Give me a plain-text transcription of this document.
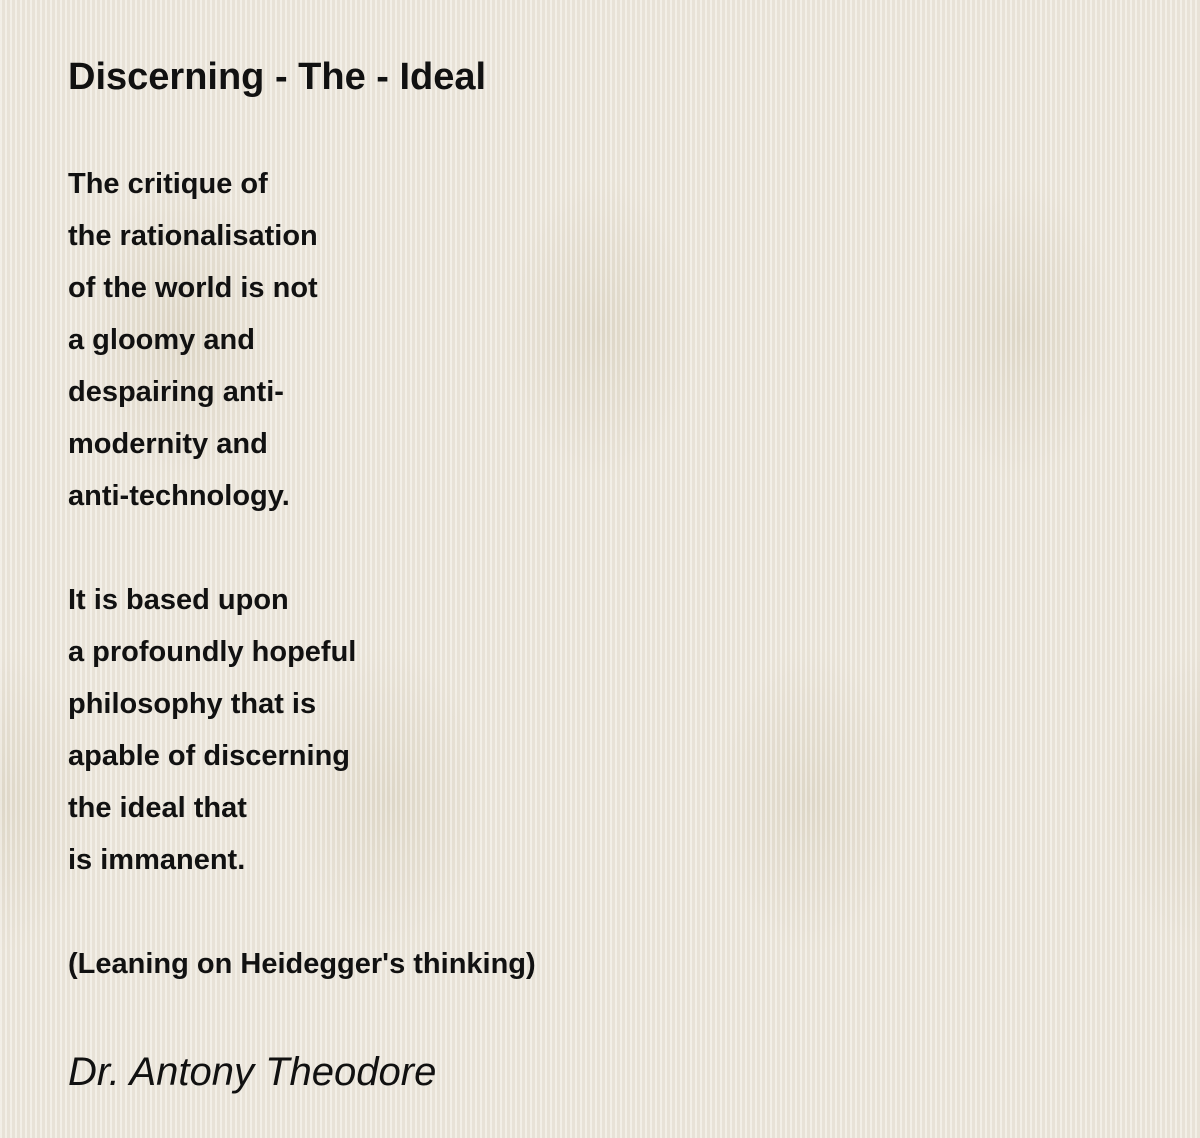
Discerning - The - Ideal
The critique of
the rationalisation
of the world is not
a gloomy and
despairing anti-
modernity and
anti-technology.
It is based upon
a profoundly hopeful
philosophy that is
apable of discerning
the ideal that
is immanent.
(Leaning on Heidegger's thinking)
Dr. Antony Theodore
